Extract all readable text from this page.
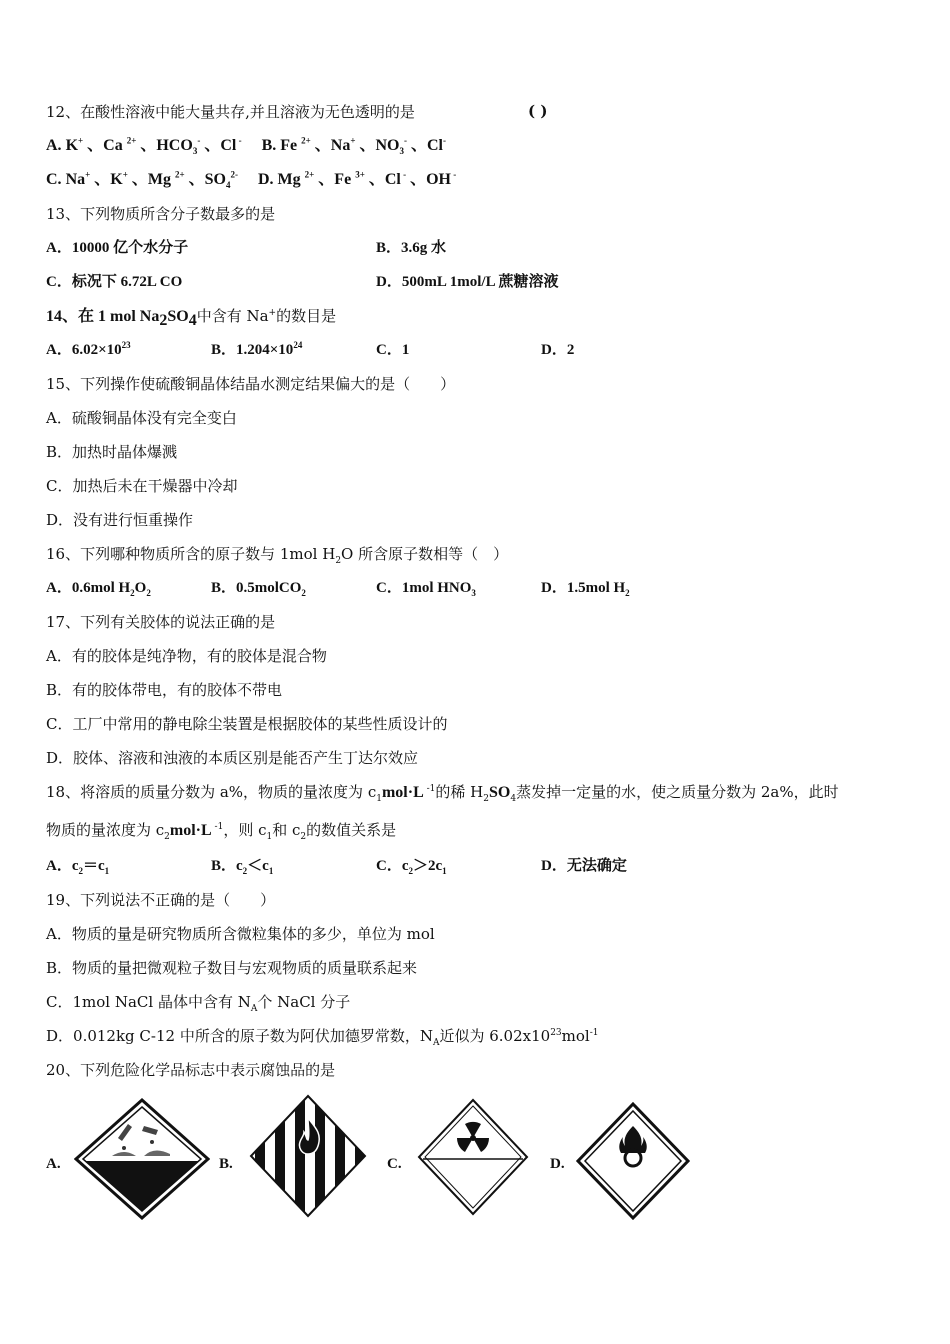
12、在酸性溶液中能大量共存,并且溶液为无色透明的是	( )
A. K+ 、Ca $^{2+}$ 、$HCO_3^-$ 、Cl -　 B. Fe $^{2+}$ 、Na+ 、$NO_3^-$ 、Cl-
C. Na+ 、K+ 、Mg $^{2+}$ 、$SO_4^{2-}$　 D. Mg $^{2+}$ 、Fe $^{3+}$ 、Cl - 、OH -
13、下列物质所含分子数最多的是
A．10000 亿个水分子	B．3.6g 水
C．标况下 6.72L CO	D．500mL 1mol/L 蔗糖溶液
14、在 1 mol $Na_2SO_4$中含有 Na+的数目是
A．$6.02\times 10^{23}$	B．$1.204\times 10^{24}$	C．1	D．2
15、下列操作使硫酸铜晶体结晶水测定结果偏大的是（　　）
A．硫酸铜晶体没有完全变白
B．加热时晶体爆溅
C．加热后未在干燥器中冷却
D．没有进行恒重操作
16、下列哪种物质所含的原子数与 1mol $H_2O$ 所含原子数相等（　）
A．0.6mol $H_2O_2$	B．0.5molCO$_2$	C．1mol $HNO_3$	D．1.5mol $H_2$
17、下列有关胶体的说法正确的是
A．有的胶体是纯净物，有的胶体是混合物
B．有的胶体带电，有的胶体不带电
C．工厂中常用的静电除尘装置是根据胶体的某些性质设计的
D．胶体、溶液和浊液的本质区别是能否产生丁达尔效应
18、将溶质的质量分数为 a%，物质的量浓度为 $c_1mol\cdot L$ $^{-1}$的稀 $H_2SO_4$蒸发掉一定量的水，使之质量分数为 2a%，此时
物质的量浓度为 $c_2mol\cdot L$ $^{-1}$，则 $c_1$和 $c_2$的数值关系是
A．$c_2=c_1$	B．$c_2<c_1$	C．$c_2>2c_1$	D．无法确定
19、下列说法不正确的是（　　）
A．物质的量是研究物质所含微粒集体的多少，单位为 mol
B．物质的量把微观粒子数目与宏观物质的质量联系起来
C．1mol NaCl 晶体中含有 $N_A$个 NaCl 分子
D．0.012kg C-12 中所含的原子数为阿伏加德罗常数，$N_A$近似为 $6.02x10^{23}mol^{-1}$
20、下列危险化学品标志中表示腐蚀品的是
A.	B.	C.	D.
